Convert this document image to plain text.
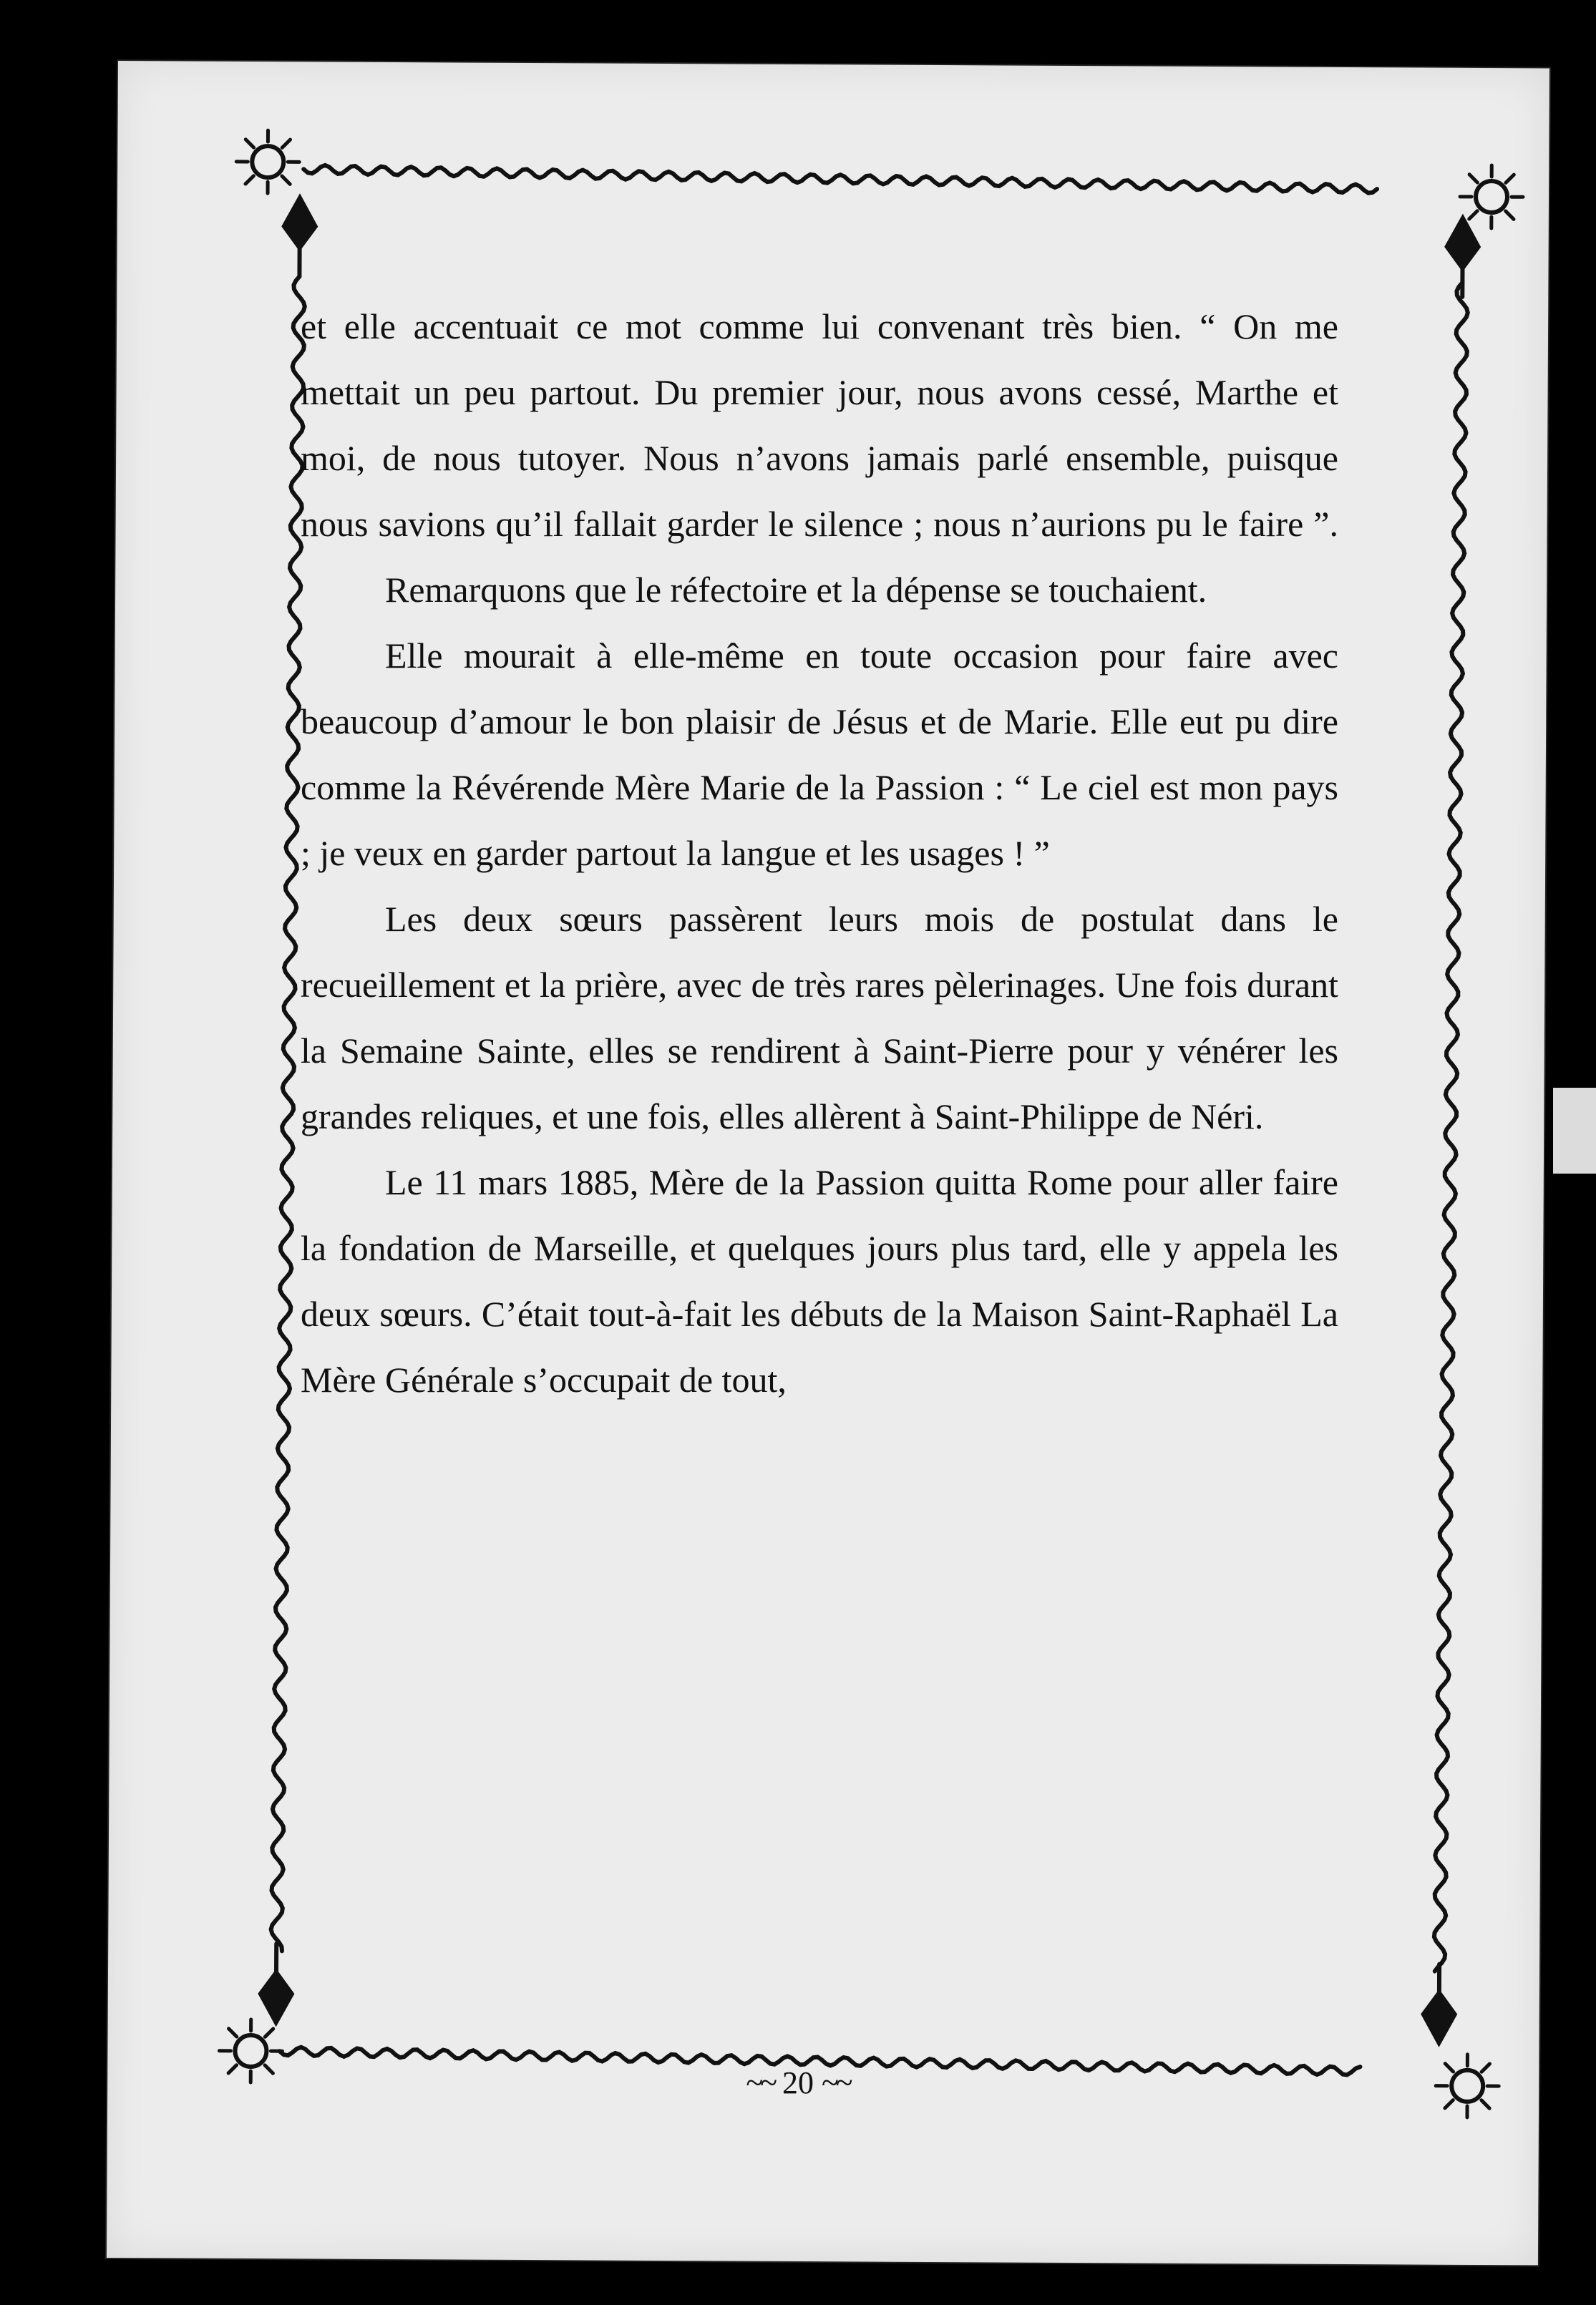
et elle accentuait ce mot comme lui convenant très bien. “ On me mettait un peu partout. Du premier jour, nous avons cessé, Marthe et moi, de nous tutoyer. Nous n’avons jamais parlé ensemble, puisque nous savions qu’il fallait garder le silence ; nous n’aurions pu le faire ”.

Remarquons que le réfectoire et la dépense se touchaient.

Elle mourait à elle-même en toute occasion pour faire avec beaucoup d’amour le bon plaisir de Jésus et de Marie. Elle eut pu dire comme la Révérende Mère Marie de la Passion : “ Le ciel est mon pays ; je veux en garder partout la langue et les usages ! ”

Les deux sœurs passèrent leurs mois de postulat dans le recueillement et la prière, avec de très rares pèlerinages. Une fois durant la Semaine Sainte, elles se rendirent à Saint-Pierre pour y vénérer les grandes reliques, et une fois, elles allèrent à Saint-Philippe de Néri.

Le 11 mars 1885, Mère de la Passion quitta Rome pour aller faire la fondation de Marseille, et quelques jours plus tard, elle y appela les deux sœurs. C’était tout-à-fait les débuts de la Maison Saint-Raphaël La Mère Générale s’occupait de tout,

~~ 20 ~~
